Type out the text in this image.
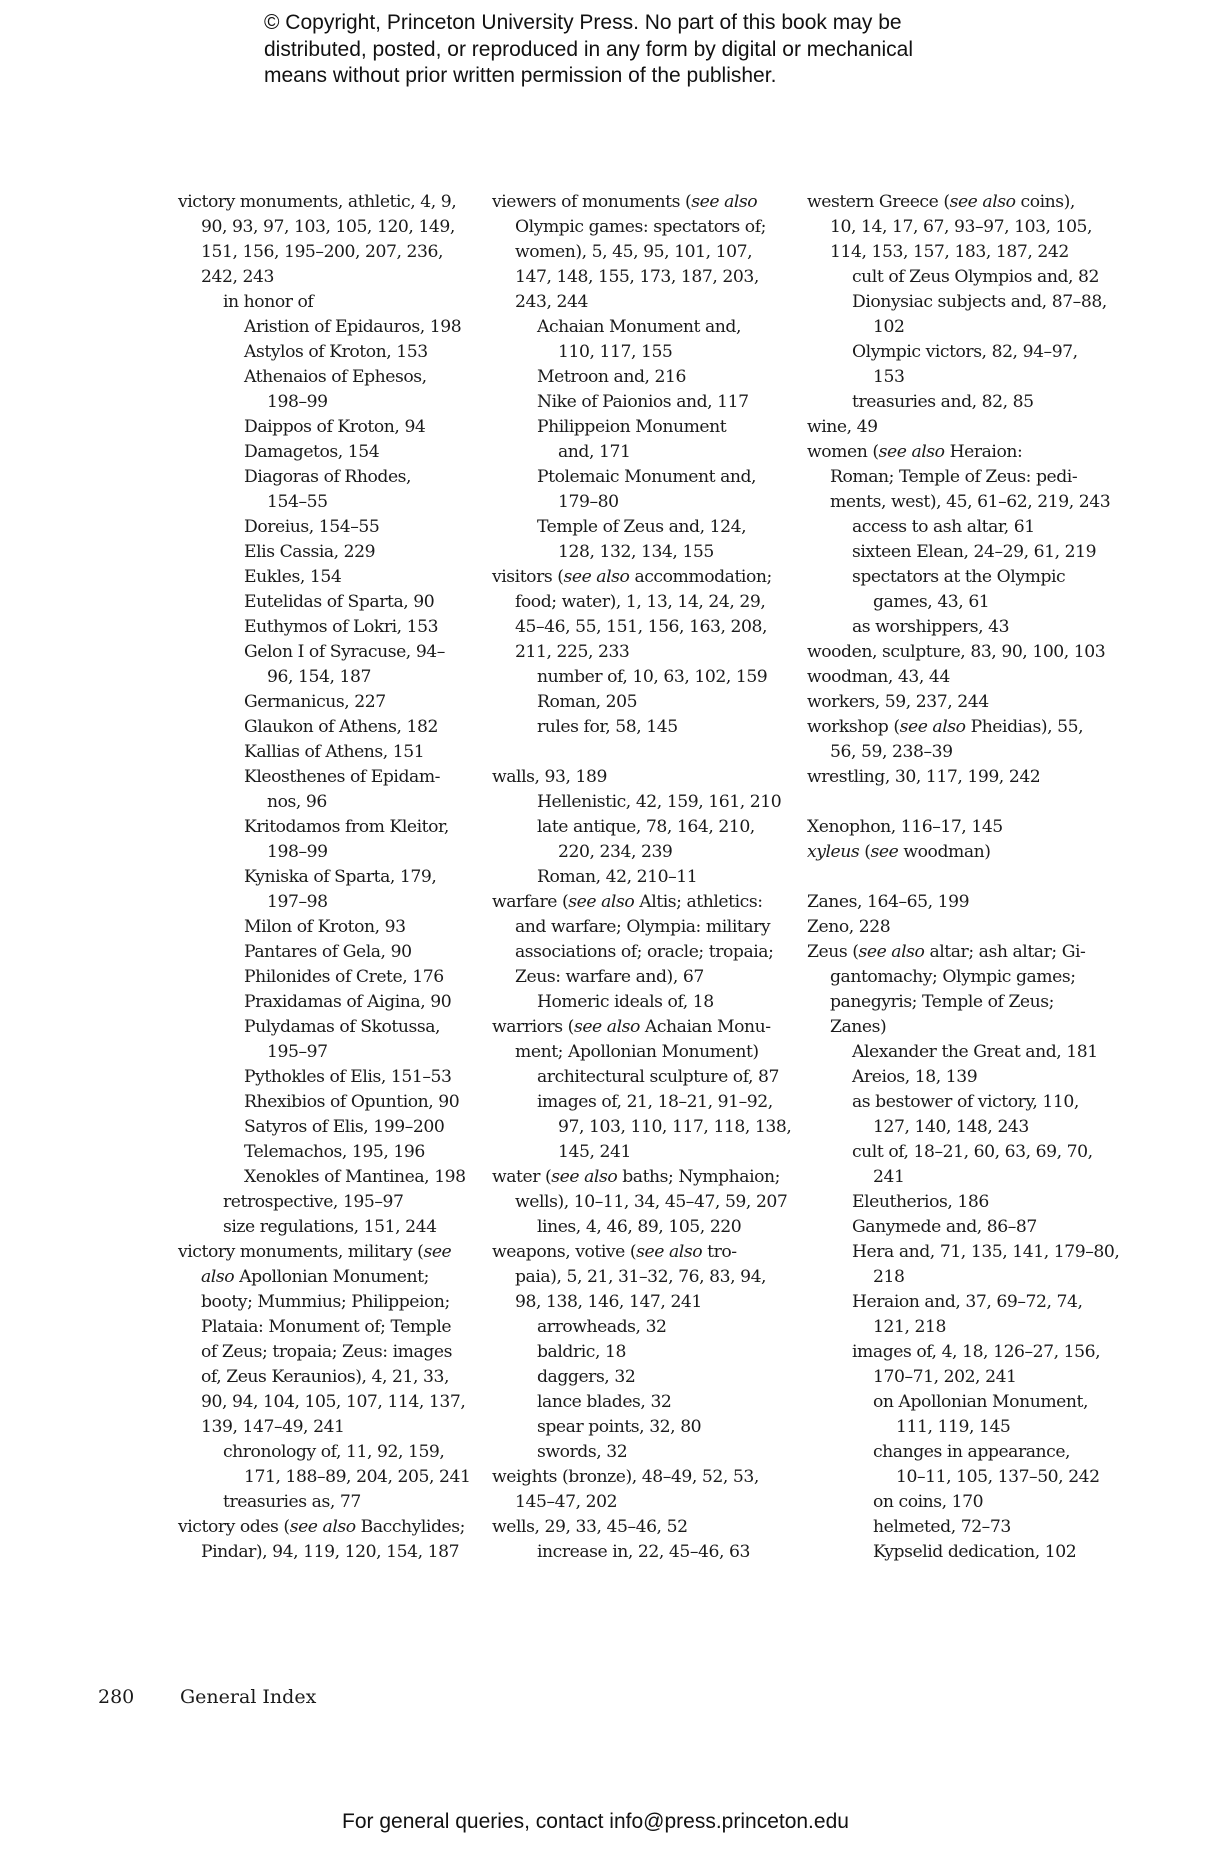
© Copyright, Princeton University Press. No part of this book may be
distributed, posted, or reproduced in any form by digital or mechanical
means without prior written permission of the publisher.
victory monuments, athletic, 4, 9,
90, 93, 97, 103, 105, 120, 149,
151, 156, 195–200, 207, 236,
242, 243
in honor of
Aristion of Epidauros, 198
Astylos of Kroton, 153
Athenaios of Ephesos,
198–99
Daippos of Kroton, 94
Damagetos, 154
Diagoras of Rhodes,
154–55
Doreius, 154–55
Elis Cassia, 229
Eukles, 154
Eutelidas of Sparta, 90
Euthymos of Lokri, 153
Gelon I of Syracuse, 94–
96, 154, 187
Germanicus, 227
Glaukon of Athens, 182
Kallias of Athens, 151
Kleosthenes of Epidam-
nos, 96
Kritodamos from Kleitor,
198–99
Kyniska of Sparta, 179,
197–98
Milon of Kroton, 93
Pantares of Gela, 90
Philonides of Crete, 176
Praxidamas of Aigina, 90
Pulydamas of Skotussa,
195–97
Pythokles of Elis, 151–53
Rhexibios of Opuntion, 90
Satyros of Elis, 199–200
Telemachos, 195, 196
Xenokles of Mantinea, 198
retrospective, 195–97
size regulations, 151, 244
victory monuments, military (see
also Apollonian Monument;
booty; Mummius; Philippeion;
Plataia: Monument of; Temple
of Zeus; tropaia; Zeus: images
of, Zeus Keraunios), 4, 21, 33,
90, 94, 104, 105, 107, 114, 137,
139, 147–49, 241
chronology of, 11, 92, 159,
171, 188–89, 204, 205, 241
treasuries as, 77
victory odes (see also Bacchylides;
Pindar), 94, 119, 120, 154, 187
viewers of monuments (see also
Olympic games: spectators of;
women), 5, 45, 95, 101, 107,
147, 148, 155, 173, 187, 203,
243, 244
Achaian Monument and,
110, 117, 155
Metroon and, 216
Nike of Paionios and, 117
Philippeion Monument
and, 171
Ptolemaic Monument and,
179–80
Temple of Zeus and, 124,
128, 132, 134, 155
visitors (see also accommodation;
food; water), 1, 13, 14, 24, 29,
45–46, 55, 151, 156, 163, 208,
211, 225, 233
number of, 10, 63, 102, 159
Roman, 205
rules for, 58, 145
walls, 93, 189
Hellenistic, 42, 159, 161, 210
late antique, 78, 164, 210,
220, 234, 239
Roman, 42, 210–11
warfare (see also Altis; athletics:
and warfare; Olympia: military
associations of; oracle; tropaia;
Zeus: warfare and), 67
Homeric ideals of, 18
warriors (see also Achaian Monu-
ment; Apollonian Monument)
architectural sculpture of, 87
images of, 21, 18–21, 91–92,
97, 103, 110, 117, 118, 138,
145, 241
water (see also baths; Nymphaion;
wells), 10–11, 34, 45–47, 59, 207
lines, 4, 46, 89, 105, 220
weapons, votive (see also tro-
paia), 5, 21, 31–32, 76, 83, 94,
98, 138, 146, 147, 241
arrowheads, 32
baldric, 18
daggers, 32
lance blades, 32
spear points, 32, 80
swords, 32
weights (bronze), 48–49, 52, 53,
145–47, 202
wells, 29, 33, 45–46, 52
increase in, 22, 45–46, 63
western Greece (see also coins),
10, 14, 17, 67, 93–97, 103, 105,
114, 153, 157, 183, 187, 242
cult of Zeus Olympios and, 82
Dionysiac subjects and, 87–88,
102
Olympic victors, 82, 94–97,
153
treasuries and, 82, 85
wine, 49
women (see also Heraion:
Roman; Temple of Zeus: pedi-
ments, west), 45, 61–62, 219, 243
access to ash altar, 61
sixteen Elean, 24–29, 61, 219
spectators at the Olympic
games, 43, 61
as worshippers, 43
wooden, sculpture, 83, 90, 100, 103
woodman, 43, 44
workers, 59, 237, 244
workshop (see also Pheidias), 55,
56, 59, 238–39
wrestling, 30, 117, 199, 242
Xenophon, 116–17, 145
xyleus (see woodman)
Zanes, 164–65, 199
Zeno, 228
Zeus (see also altar; ash altar; Gi-
gantomachy; Olympic games;
panegyris; Temple of Zeus;
Zanes)
Alexander the Great and, 181
Areios, 18, 139
as bestower of victory, 110,
127, 140, 148, 243
cult of, 18–21, 60, 63, 69, 70,
241
Eleutherios, 186
Ganymede and, 86–87
Hera and, 71, 135, 141, 179–80,
218
Heraion and, 37, 69–72, 74,
121, 218
images of, 4, 18, 126–27, 156,
170–71, 202, 241
on Apollonian Monument,
111, 119, 145
changes in appearance,
10–11, 105, 137–50, 242
on coins, 170
helmeted, 72–73
Kypselid dedication, 102
280 General Index
For general queries, contact info@press.princeton.edu
